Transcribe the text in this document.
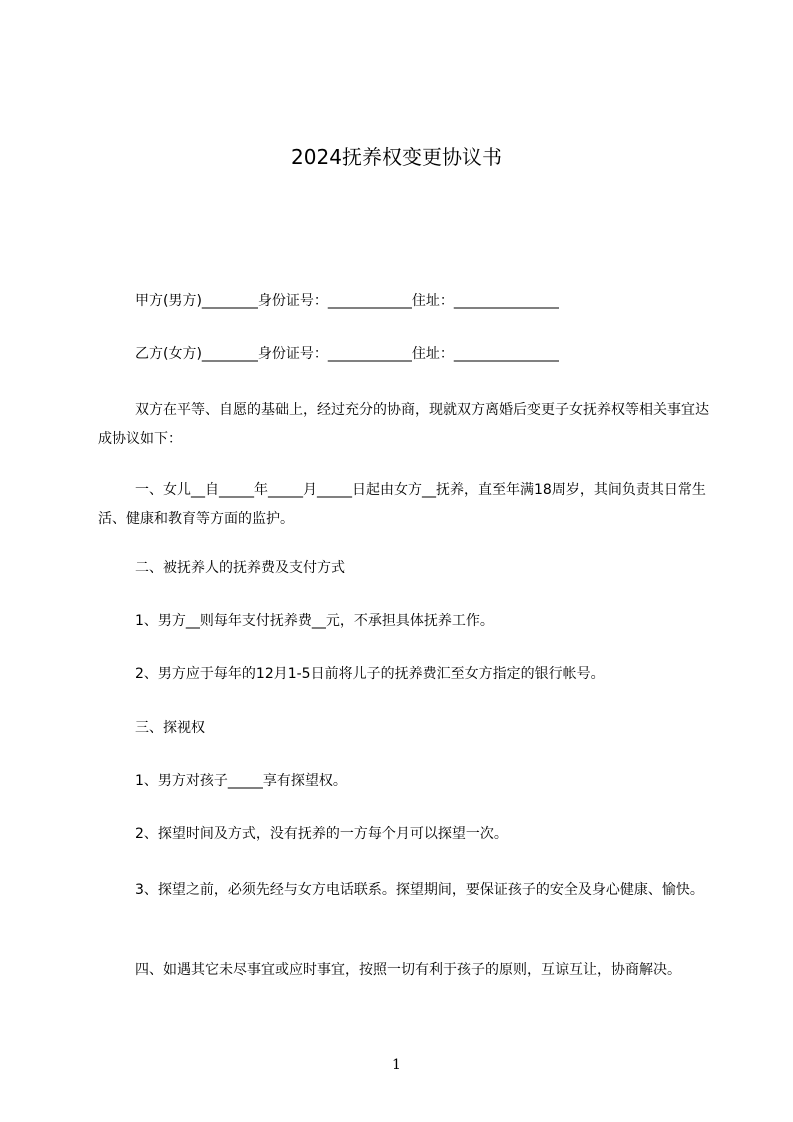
2024抚养权变更协议书
甲方(男方)________身份证号：____________住址：_______________
乙方(女方)________身份证号：____________住址：_______________
双方在平等、自愿的基础上，经过充分的协商，现就双方离婚后变更子女抚养权等相关事宜达成协议如下：
一、女儿__自_____年_____月_____日起由女方__抚养，直至年满18周岁，其间负责其日常生活、健康和教育等方面的监护。
二、被抚养人的抚养费及支付方式
1、男方__则每年支付抚养费__元，不承担具体抚养工作。
2、男方应于每年的12月1-5日前将儿子的抚养费汇至女方指定的银行帐号。
三、探视权
1、男方对孩子_____享有探望权。
2、探望时间及方式，没有抚养的一方每个月可以探望一次。
3、探望之前，必须先经与女方电话联系。探望期间，要保证孩子的安全及身心健康、愉快。
四、如遇其它未尽事宜或应时事宜，按照一切有利于孩子的原则，互谅互让，协商解决。
1
